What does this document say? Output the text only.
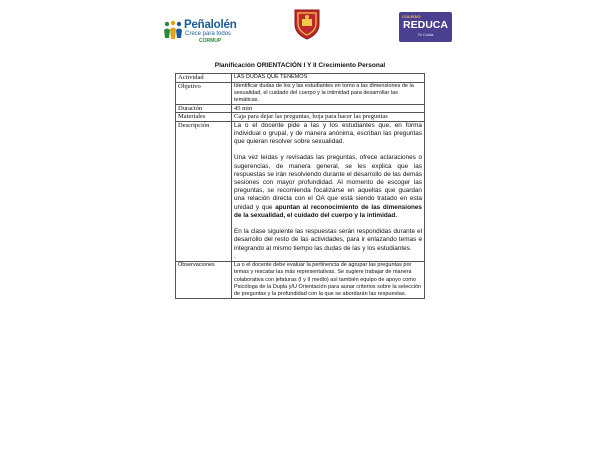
Peñalolén
Crece para todos
CORMUP
COLEGIO
REDUCA
Te Cuida
Planificación ORIENTACIÓN I Y II Crecimiento Personal
Actividad	LAS DUDAS QUE TENEMOS
Objetivo	Identificar dudas de los y las estudiantes en torno a las dimensiones de la sexualidad, el cuidado del cuerpo y la intimidad para desarrollar las temáticas.
Duración	45 min
Materiales	Caja para dejar las preguntas, hoja para hacer las preguntas
Descripción	La o el docente pide a las y los estudiantes que, en forma individual o grupal, y de manera anónima, escriban las preguntas que quieran resolver sobre sexualidad.

Una vez leídas y revisadas las preguntas, ofrece aclaraciones o sugerencias, de manera general, se les explica que las respuestas se irán resolviendo durante el desarrollo de las demás sesiones con mayor profundidad. Al momento de escoger las preguntas, se recomienda focalizarse en aquellas que guardan una relación directa con el OA que está siendo tratado en esta unidad y que apuntan al reconocimiento de las dimensiones de la sexualidad, el cuidado del cuerpo y la intimidad.

En la clase siguiente las respuestas serán respondidas durante el desarrollo del resto de las actividades, para ir enlazando temas e integrando al mismo tiempo las dudas de las y los estudiantes.

.

Observaciones	La o el docente debe evaluar la pertinencia de agrupar las preguntas por temas y rescatar las más representativas. Se sugiere trabajar de manera colaborativa con jefaturas (I y II medio) así también equipo de apoyo como Psicóloga de la Dupla y/U Orientación para aunar criterios sobre la selección de preguntas y la profundidad con la que se abordarán las respuestas.
